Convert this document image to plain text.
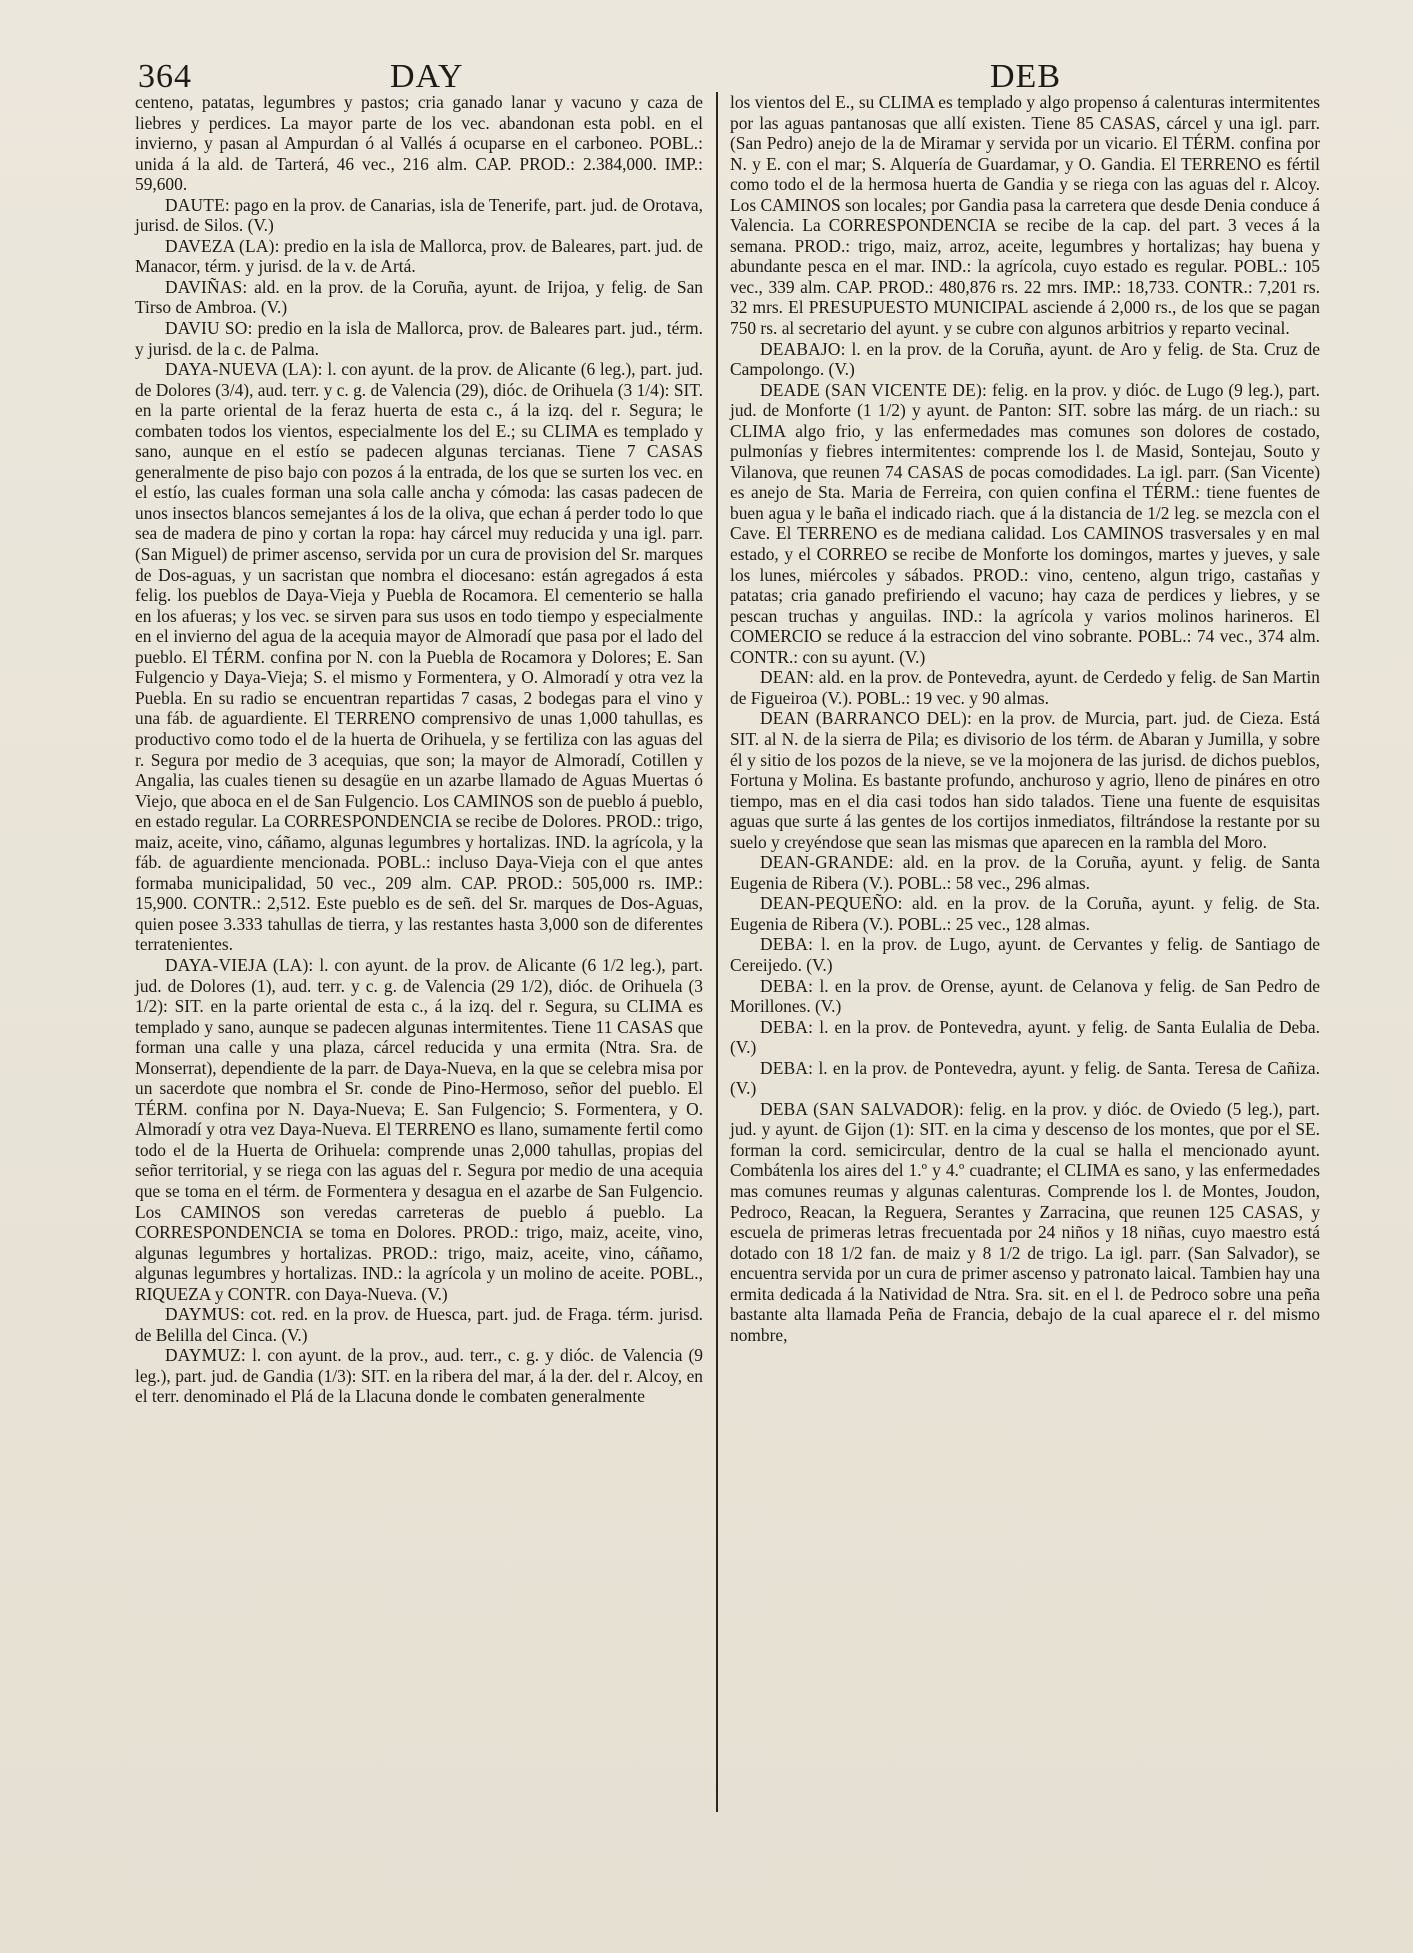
364	DAY	DEB

centeno, patatas, legumbres y pastos; cria ganado lanar y vacuno y caza de liebres y perdices. La mayor parte de los vec. abandonan esta pobl. en el invierno, y pasan al Ampurdan ó al Vallés á ocuparse en el carboneo. POBL.: unida á la ald. de Tarterá, 46 vec., 216 alm. CAP. PROD.: 2.384,000. IMP.: 59,600.

DAUTE: pago en la prov. de Canarias, isla de Tenerife, part. jud. de Orotava, jurisd. de Silos. (V.)

DAVEZA (LA): predio en la isla de Mallorca, prov. de Baleares, part. jud. de Manacor, térm. y jurisd. de la v. de Artá.

DAVIÑAS: ald. en la prov. de la Coruña, ayunt. de Irijoa, y felig. de San Tirso de Ambroa. (V.)

DAVIU SO: predio en la isla de Mallorca, prov. de Baleares part. jud., térm. y jurisd. de la c. de Palma.

DAYA-NUEVA (LA): l. con ayunt. de la prov. de Alicante (6 leg.), part. jud. de Dolores (3/4), aud. terr. y c. g. de Valencia (29), dióc. de Orihuela (3 1/4): SIT. en la parte oriental de la feraz huerta de esta c., á la izq. del r. Segura; le combaten todos los vientos, especialmente los del E.; su CLIMA es templado y sano, aunque en el estío se padecen algunas tercianas. Tiene 7 CASAS generalmente de piso bajo con pozos á la entrada, de los que se surten los vec. en el estío, las cuales forman una sola calle ancha y cómoda: las casas padecen de unos insectos blancos semejantes á los de la oliva, que echan á perder todo lo que sea de madera de pino y cortan la ropa: hay cárcel muy reducida y una igl. parr. (San Miguel) de primer ascenso, servida por un cura de provision del Sr. marques de Dos-aguas, y un sacristan que nombra el diocesano: están agregados á esta felig. los pueblos de Daya-Vieja y Puebla de Rocamora. El cementerio se halla en los afueras; y los vec. se sirven para sus usos en todo tiempo y especialmente en el invierno del agua de la acequia mayor de Almoradí que pasa por el lado del pueblo. El TÉRM. confina por N. con la Puebla de Rocamora y Dolores; E. San Fulgencio y Daya-Vieja; S. el mismo y Formentera, y O. Almoradí y otra vez la Puebla. En su radio se encuentran repartidas 7 casas, 2 bodegas para el vino y una fáb. de aguardiente. El TERRENO comprensivo de unas 1,000 tahullas, es productivo como todo el de la huerta de Orihuela, y se fertiliza con las aguas del r. Segura por medio de 3 acequias, que son; la mayor de Almoradí, Cotillen y Angalia, las cuales tienen su desagüe en un azarbe llamado de Aguas Muertas ó Viejo, que aboca en el de San Fulgencio. Los CAMINOS son de pueblo á pueblo, en estado regular. La CORRESPONDENCIA se recibe de Dolores. PROD.: trigo, maiz, aceite, vino, cáñamo, algunas legumbres y hortalizas. IND. la agrícola, y la fáb. de aguardiente mencionada. POBL.: incluso Daya-Vieja con el que antes formaba municipalidad, 50 vec., 209 alm. CAP. PROD.: 505,000 rs. IMP.: 15,900. CONTR.: 2,512. Este pueblo es de señ. del Sr. marques de Dos-Aguas, quien posee 3.333 tahullas de tierra, y las restantes hasta 3,000 son de diferentes terratenientes.

DAYA-VIEJA (LA): l. con ayunt. de la prov. de Alicante (6 1/2 leg.), part. jud. de Dolores (1), aud. terr. y c. g. de Valencia (29 1/2), dióc. de Orihuela (3 1/2): SIT. en la parte oriental de esta c., á la izq. del r. Segura, su CLIMA es templado y sano, aunque se padecen algunas intermitentes. Tiene 11 CASAS que forman una calle y una plaza, cárcel reducida y una ermita (Ntra. Sra. de Monserrat), dependiente de la parr. de Daya-Nueva, en la que se celebra misa por un sacerdote que nombra el Sr. conde de Pino-Hermoso, señor del pueblo. El TÉRM. confina por N. Daya-Nueva; E. San Fulgencio; S. Formentera, y O. Almoradí y otra vez Daya-Nueva. El TERRENO es llano, sumamente fertil como todo el de la Huerta de Orihuela: comprende unas 2,000 tahullas, propias del señor territorial, y se riega con las aguas del r. Segura por medio de una acequia que se toma en el térm. de Formentera y desagua en el azarbe de San Fulgencio. Los CAMINOS son veredas carreteras de pueblo á pueblo. La CORRESPONDENCIA se toma en Dolores. PROD.: trigo, maiz, aceite, vino, algunas legumbres y hortalizas. PROD.: trigo, maiz, aceite, vino, cáñamo, algunas legumbres y hortalizas. IND.: la agrícola y un molino de aceite. POBL., RIQUEZA y CONTR. con Daya-Nueva. (V.)

DAYMUS: cot. red. en la prov. de Huesca, part. jud. de Fraga. térm. jurisd. de Belilla del Cinca. (V.)

DAYMUZ: l. con ayunt. de la prov., aud. terr., c. g. y dióc. de Valencia (9 leg.), part. jud. de Gandia (1/3): SIT. en la ribera del mar, á la der. del r. Alcoy, en el terr. denominado el Plá de la Llacuna donde le combaten generalmente

los vientos del E., su CLIMA es templado y algo propenso á calenturas intermitentes por las aguas pantanosas que allí existen. Tiene 85 CASAS, cárcel y una igl. parr. (San Pedro) anejo de la de Miramar y servida por un vicario. El TÉRM. confina por N. y E. con el mar; S. Alquería de Guardamar, y O. Gandia. El TERRENO es fértil como todo el de la hermosa huerta de Gandia y se riega con las aguas del r. Alcoy. Los CAMINOS son locales; por Gandia pasa la carretera que desde Denia conduce á Valencia. La CORRESPONDENCIA se recibe de la cap. del part. 3 veces á la semana. PROD.: trigo, maiz, arroz, aceite, legumbres y hortalizas; hay buena y abundante pesca en el mar. IND.: la agrícola, cuyo estado es regular. POBL.: 105 vec., 339 alm. CAP. PROD.: 480,876 rs. 22 mrs. IMP.: 18,733. CONTR.: 7,201 rs. 32 mrs. El PRESUPUESTO MUNICIPAL asciende á 2,000 rs., de los que se pagan 750 rs. al secretario del ayunt. y se cubre con algunos arbitrios y reparto vecinal.

DEABAJO: l. en la prov. de la Coruña, ayunt. de Aro y felig. de Sta. Cruz de Campolongo. (V.)

DEADE (SAN VICENTE DE): felig. en la prov. y dióc. de Lugo (9 leg.), part. jud. de Monforte (1 1/2) y ayunt. de Panton: SIT. sobre las márg. de un riach.: su CLIMA algo frio, y las enfermedades mas comunes son dolores de costado, pulmonías y fiebres intermitentes: comprende los l. de Masid, Sontejau, Souto y Vilanova, que reunen 74 CASAS de pocas comodidades. La igl. parr. (San Vicente) es anejo de Sta. Maria de Ferreira, con quien confina el TÉRM.: tiene fuentes de buen agua y le baña el indicado riach. que á la distancia de 1/2 leg. se mezcla con el Cave. El TERRENO es de mediana calidad. Los CAMINOS trasversales y en mal estado, y el CORREO se recibe de Monforte los domingos, martes y jueves, y sale los lunes, miércoles y sábados. PROD.: vino, centeno, algun trigo, castañas y patatas; cria ganado prefiriendo el vacuno; hay caza de perdices y liebres, y se pescan truchas y anguilas. IND.: la agrícola y varios molinos harineros. El COMERCIO se reduce á la estraccion del vino sobrante. POBL.: 74 vec., 374 alm. CONTR.: con su ayunt. (V.)

DEAN: ald. en la prov. de Pontevedra, ayunt. de Cerdedo y felig. de San Martin de Figueiroa (V.). POBL.: 19 vec. y 90 almas.

DEAN (BARRANCO DEL): en la prov. de Murcia, part. jud. de Cieza. Está SIT. al N. de la sierra de Pila; es divisorio de los térm. de Abaran y Jumilla, y sobre él y sitio de los pozos de la nieve, se ve la mojonera de las jurisd. de dichos pueblos, Fortuna y Molina. Es bastante profundo, anchuroso y agrio, lleno de pináres en otro tiempo, mas en el dia casi todos han sido talados. Tiene una fuente de esquisitas aguas que surte á las gentes de los cortijos inmediatos, filtrándose la restante por su suelo y creyéndose que sean las mismas que aparecen en la rambla del Moro.

DEAN-GRANDE: ald. en la prov. de la Coruña, ayunt. y felig. de Santa Eugenia de Ribera (V.). POBL.: 58 vec., 296 almas.

DEAN-PEQUEÑO: ald. en la prov. de la Coruña, ayunt. y felig. de Sta. Eugenia de Ribera (V.). POBL.: 25 vec., 128 almas.

DEBA: l. en la prov. de Lugo, ayunt. de Cervantes y felig. de Santiago de Cereijedo. (V.)

DEBA: l. en la prov. de Orense, ayunt. de Celanova y felig. de San Pedro de Morillones. (V.)

DEBA: l. en la prov. de Pontevedra, ayunt. y felig. de Santa Eulalia de Deba. (V.)

DEBA: l. en la prov. de Pontevedra, ayunt. y felig. de Santa. Teresa de Cañiza. (V.)

DEBA (SAN SALVADOR): felig. en la prov. y dióc. de Oviedo (5 leg.), part. jud. y ayunt. de Gijon (1): SIT. en la cima y descenso de los montes, que por el SE. forman la cord. semicircular, dentro de la cual se halla el mencionado ayunt. Combátenla los aires del 1.º y 4.º cuadrante; el CLIMA es sano, y las enfermedades mas comunes reumas y algunas calenturas. Comprende los l. de Montes, Joudon, Pedroco, Reacan, la Reguera, Serantes y Zarracina, que reunen 125 CASAS, y escuela de primeras letras frecuentada por 24 niños y 18 niñas, cuyo maestro está dotado con 18 1/2 fan. de maiz y 8 1/2 de trigo. La igl. parr. (San Salvador), se encuentra servida por un cura de primer ascenso y patronato laical. Tambien hay una ermita dedicada á la Natividad de Ntra. Sra. sit. en el l. de Pedroco sobre una peña bastante alta llamada Peña de Francia, debajo de la cual aparece el r. del mismo nombre,
